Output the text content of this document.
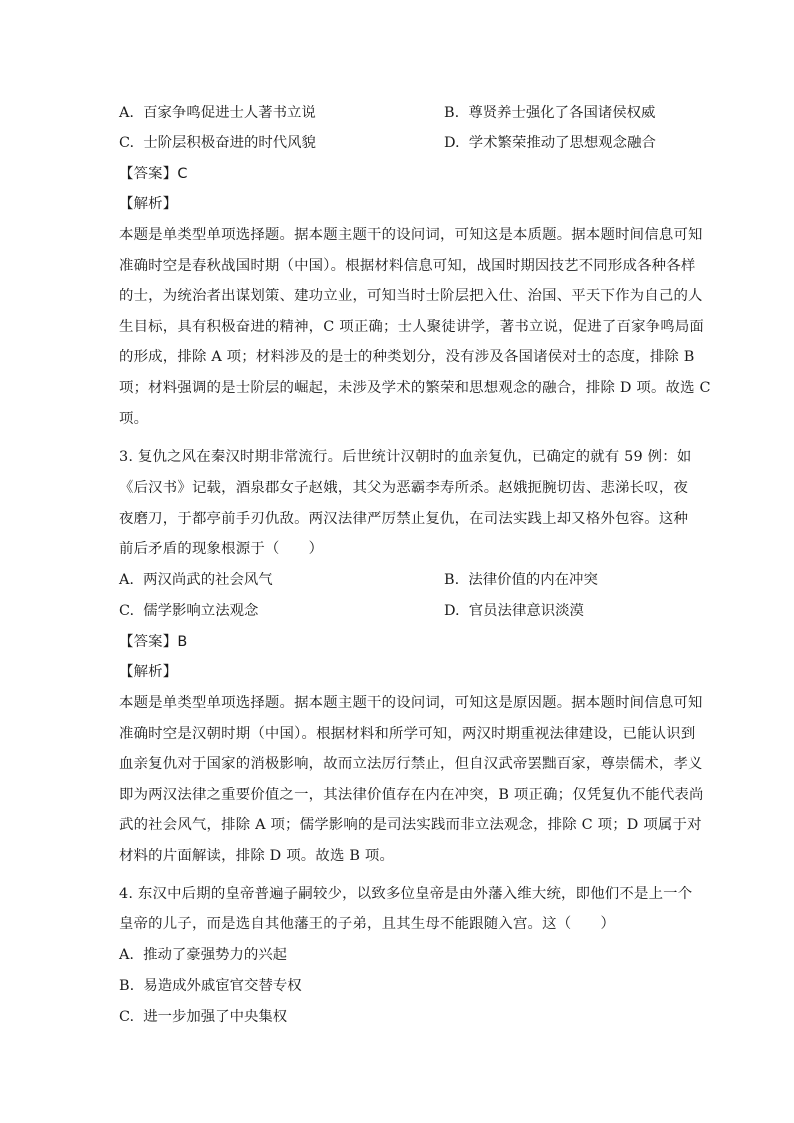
A. 百家争鸣促进士人著书立说	B. 尊贤养士强化了各国诸侯权威
C. 士阶层积极奋进的时代风貌	D. 学术繁荣推动了思想观念融合
【答案】C
【解析】
本题是单类型单项选择题。据本题主题干的设问词，可知这是本质题。据本题时间信息可知
准确时空是春秋战国时期（中国）。根据材料信息可知，战国时期因技艺不同形成各种各样
的士，为统治者出谋划策、建功立业，可知当时士阶层把入仕、治国、平天下作为自己的人
生目标，具有积极奋进的精神，C 项正确；士人聚徒讲学，著书立说，促进了百家争鸣局面
的形成，排除 A 项；材料涉及的是士的种类划分，没有涉及各国诸侯对士的态度，排除 B
项；材料强调的是士阶层的崛起，未涉及学术的繁荣和思想观念的融合，排除 D 项。故选 C
项。
3. 复仇之风在秦汉时期非常流行。后世统计汉朝时的血亲复仇，已确定的就有 59 例：如
《后汉书》记载，酒泉郡女子赵娥，其父为恶霸李寿所杀。赵娥扼腕切齿、悲涕长叹，夜
夜磨刀，于都亭前手刃仇敌。两汉法律严厉禁止复仇，在司法实践上却又格外包容。这种
前后矛盾的现象根源于（　　）
A. 两汉尚武的社会风气	B. 法律价值的内在冲突
C. 儒学影响立法观念	D. 官员法律意识淡漠
【答案】B
【解析】
本题是单类型单项选择题。据本题主题干的设问词，可知这是原因题。据本题时间信息可知
准确时空是汉朝时期（中国）。根据材料和所学可知，两汉时期重视法律建设，已能认识到
血亲复仇对于国家的消极影响，故而立法厉行禁止，但自汉武帝罢黜百家，尊崇儒术，孝义
即为两汉法律之重要价值之一，其法律价值存在内在冲突，B 项正确；仅凭复仇不能代表尚
武的社会风气，排除 A 项；儒学影响的是司法实践而非立法观念，排除 C 项；D 项属于对
材料的片面解读，排除 D 项。故选 B 项。
4. 东汉中后期的皇帝普遍子嗣较少，以致多位皇帝是由外藩入维大统，即他们不是上一个
皇帝的儿子，而是选自其他藩王的子弟，且其生母不能跟随入宫。这（　　）
A. 推动了豪强势力的兴起
B. 易造成外戚宦官交替专权
C. 进一步加强了中央集权
